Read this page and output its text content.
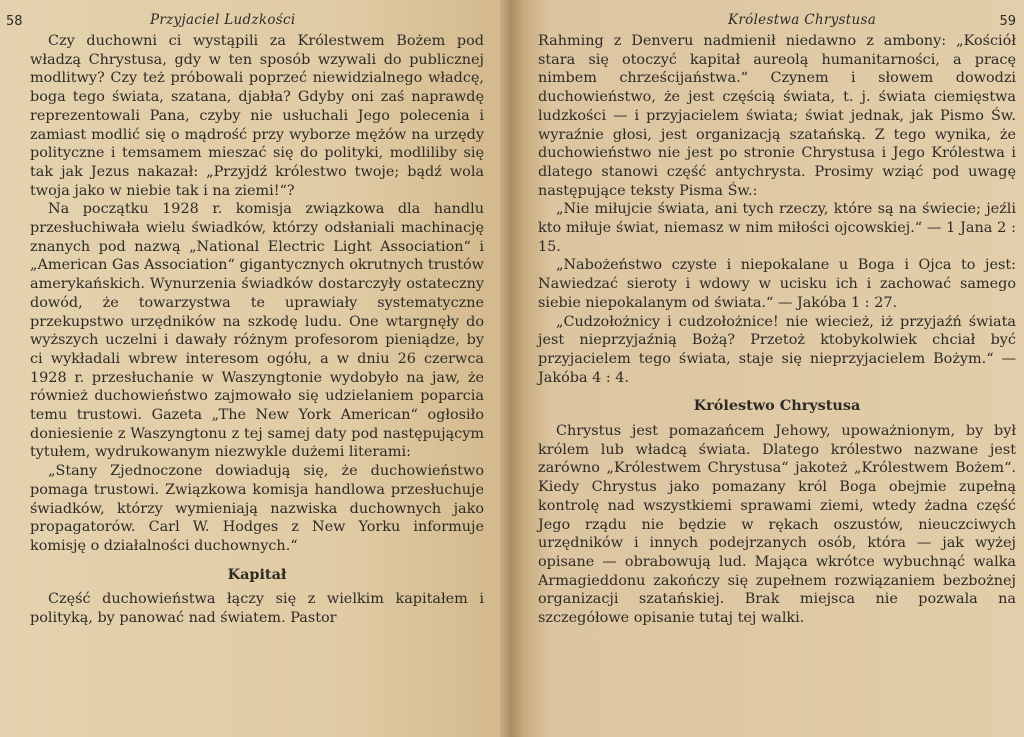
58	Przyjaciel Ludzkości

Czy duchowni ci wystąpili za Królestwem Bożem pod władzą Chrystusa, gdy w ten sposób wzywali do publicznej modlitwy? Czy też próbowali poprzeć niewidzialnego władcę, boga tego świata, szatana, djabła? Gdyby oni zaś naprawdę reprezentowali Pana, czyby nie usłuchali Jego polecenia i zamiast modlić się o mądrość przy wyborze mężów na urzędy polityczne i temsamem mieszać się do polityki, modliliby się tak jak Jezus nakazał: „Przyjdź królestwo twoje; bądź wola twoja jako w niebie tak i na ziemi!“?

Na początku 1928 r. komisja związkowa dla handlu przesłuchiwała wielu świadków, którzy odsłaniali machinację znanych pod nazwą „National Electric Light Association“ i „American Gas Association“ gigantycznych okrutnych trustów amerykańskich. Wynurzenia świadków dostarczyły ostateczny dowód, że towarzystwa te uprawiały systematyczne przekupstwo urzędników na szkodę ludu. One wtargnęły do wyższych uczelni i dawały różnym profesorom pieniądze, by ci wykładali wbrew interesom ogółu, a w dniu 26 czerwca 1928 r. przesłuchanie w Waszyngtonie wydobyło na jaw, że również duchowieństwo zajmowało się udzielaniem poparcia temu trustowi. Gazeta „The New York American“ ogłosiło doniesienie z Waszyngtonu z tej samej daty pod następującym tytułem, wydrukowanym niezwykle dużemi literami:

„Stany Zjednoczone dowiadują się, że duchowieństwo pomaga trustowi. Związkowa komisja handlowa przesłuchuje świadków, którzy wymieniają nazwiska duchownych jako propagatorów. Carl W. Hodges z New Yorku informuje komisję o działalności duchownych.“

Kapitał

Część duchowieństwa łączy się z wielkim kapitałem i polityką, by panować nad światem. Pastor

Królestwa Chrystusa	59

Rahming z Denveru nadmienił niedawno z ambony: „Kościół stara się otoczyć kapitał aureolą humanitarności, a pracę nimbem chrześcijaństwa.“ Czynem i słowem dowodzi duchowieństwo, że jest częścią świata, t. j. świata ciemięstwa ludzkości — i przyjacielem świata; świat jednak, jak Pismo Św. wyraźnie głosi, jest organizacją szatańską. Z tego wynika, że duchowieństwo nie jest po stronie Chrystusa i Jego Królestwa i dlatego stanowi część antychrysta. Prosimy wziąć pod uwagę następujące teksty Pisma Św.:

„Nie miłujcie świata, ani tych rzeczy, które są na świecie; jeźli kto miłuje świat, niemasz w nim miłości ojcowskiej.“ — 1 Jana 2 : 15.

„Nabożeństwo czyste i niepokalane u Boga i Ojca to jest: Nawiedzać sieroty i wdowy w ucisku ich i zachować samego siebie niepokalanym od świata.“ — Jakóba 1 : 27.

„Cudzołożnicy i cudzołożnice! nie wiecież, iż przyjaźń świata jest nieprzyjaźnią Bożą? Przetoż ktobykolwiek chciał być przyjacielem tego świata, staje się nieprzyjacielem Bożym.“ — Jakóba 4 : 4.

Królestwo Chrystusa

Chrystus jest pomazańcem Jehowy, upoważnionym, by był królem lub władcą świata. Dlatego królestwo nazwane jest zarówno „Królestwem Chrystusa“ jakoteż „Królestwem Bożem“. Kiedy Chrystus jako pomazany król Boga obejmie zupełną kontrolę nad wszystkiemi sprawami ziemi, wtedy żadna część Jego rządu nie będzie w rękach oszustów, nieuczciwych urzędników i innych podejrzanych osób, która — jak wyżej opisane — obrabowują lud. Mająca wkrótce wybuchnąć walka Armagieddonu zakończy się zupełnem rozwiązaniem bezbożnej organizacji szatańskiej. Brak miejsca nie pozwala na szczegółowe opisanie tutaj tej walki.
